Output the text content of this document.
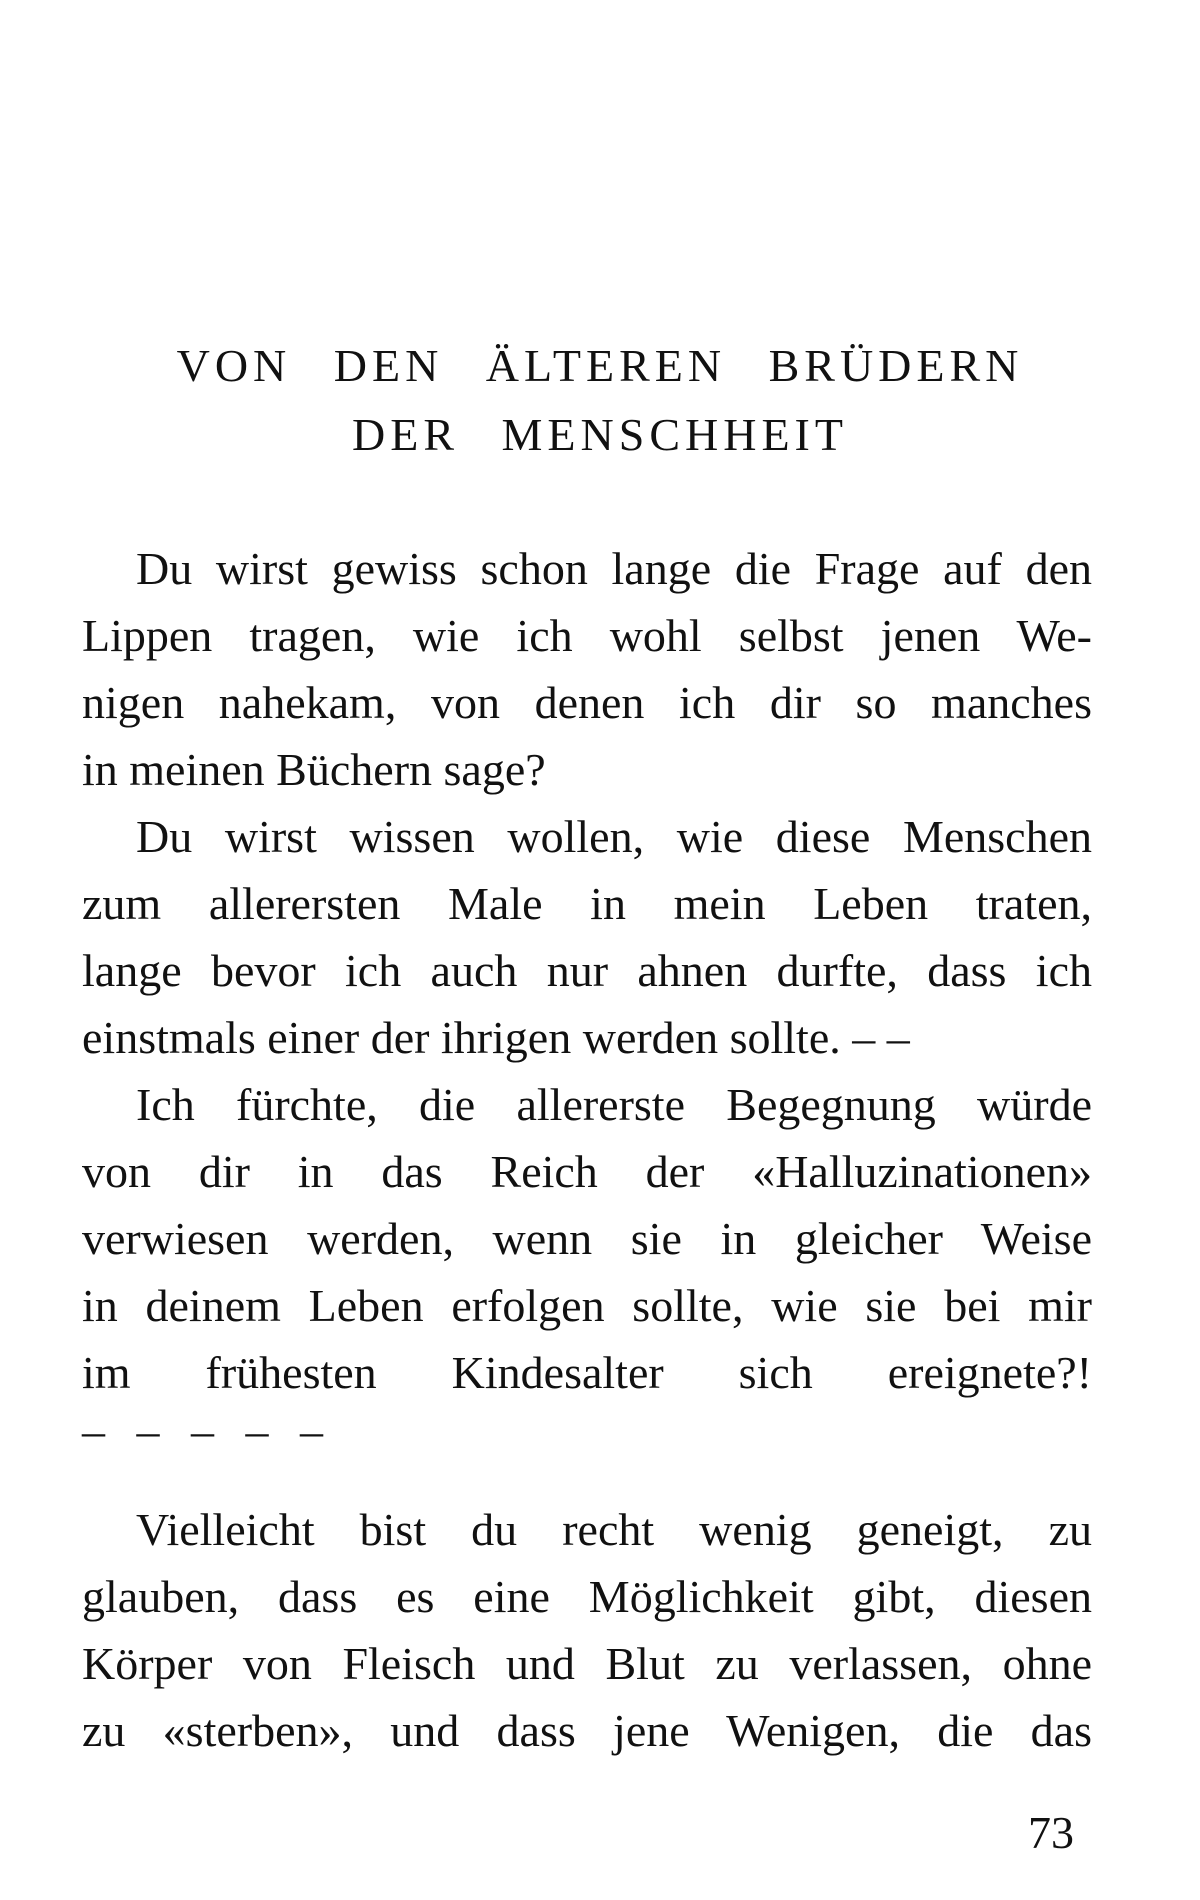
VON DEN ÄLTEREN BRÜDERN
DER MENSCHHEIT
Du wirst gewiss schon lange die Frage auf den
Lippen tragen, wie ich wohl selbst jenen We-
nigen nahekam, von denen ich dir so manches
in meinen Büchern sage?
Du wirst wissen wollen, wie diese Menschen
zum allerersten Male in mein Leben traten,
lange bevor ich auch nur ahnen durfte, dass ich
einstmals einer der ihrigen werden sollte. – –
Ich fürchte, die allererste Begegnung würde
von dir in das Reich der «Halluzinationen»
verwiesen werden, wenn sie in gleicher Weise
in deinem Leben erfolgen sollte, wie sie bei mir
im frühesten Kindesalter sich ereignete?!
Vielleicht bist du recht wenig geneigt, zu
glauben, dass es eine Möglichkeit gibt, diesen
Körper von Fleisch und Blut zu verlassen, ohne
zu «sterben», und dass jene Wenigen, die das
– – – – –
73
